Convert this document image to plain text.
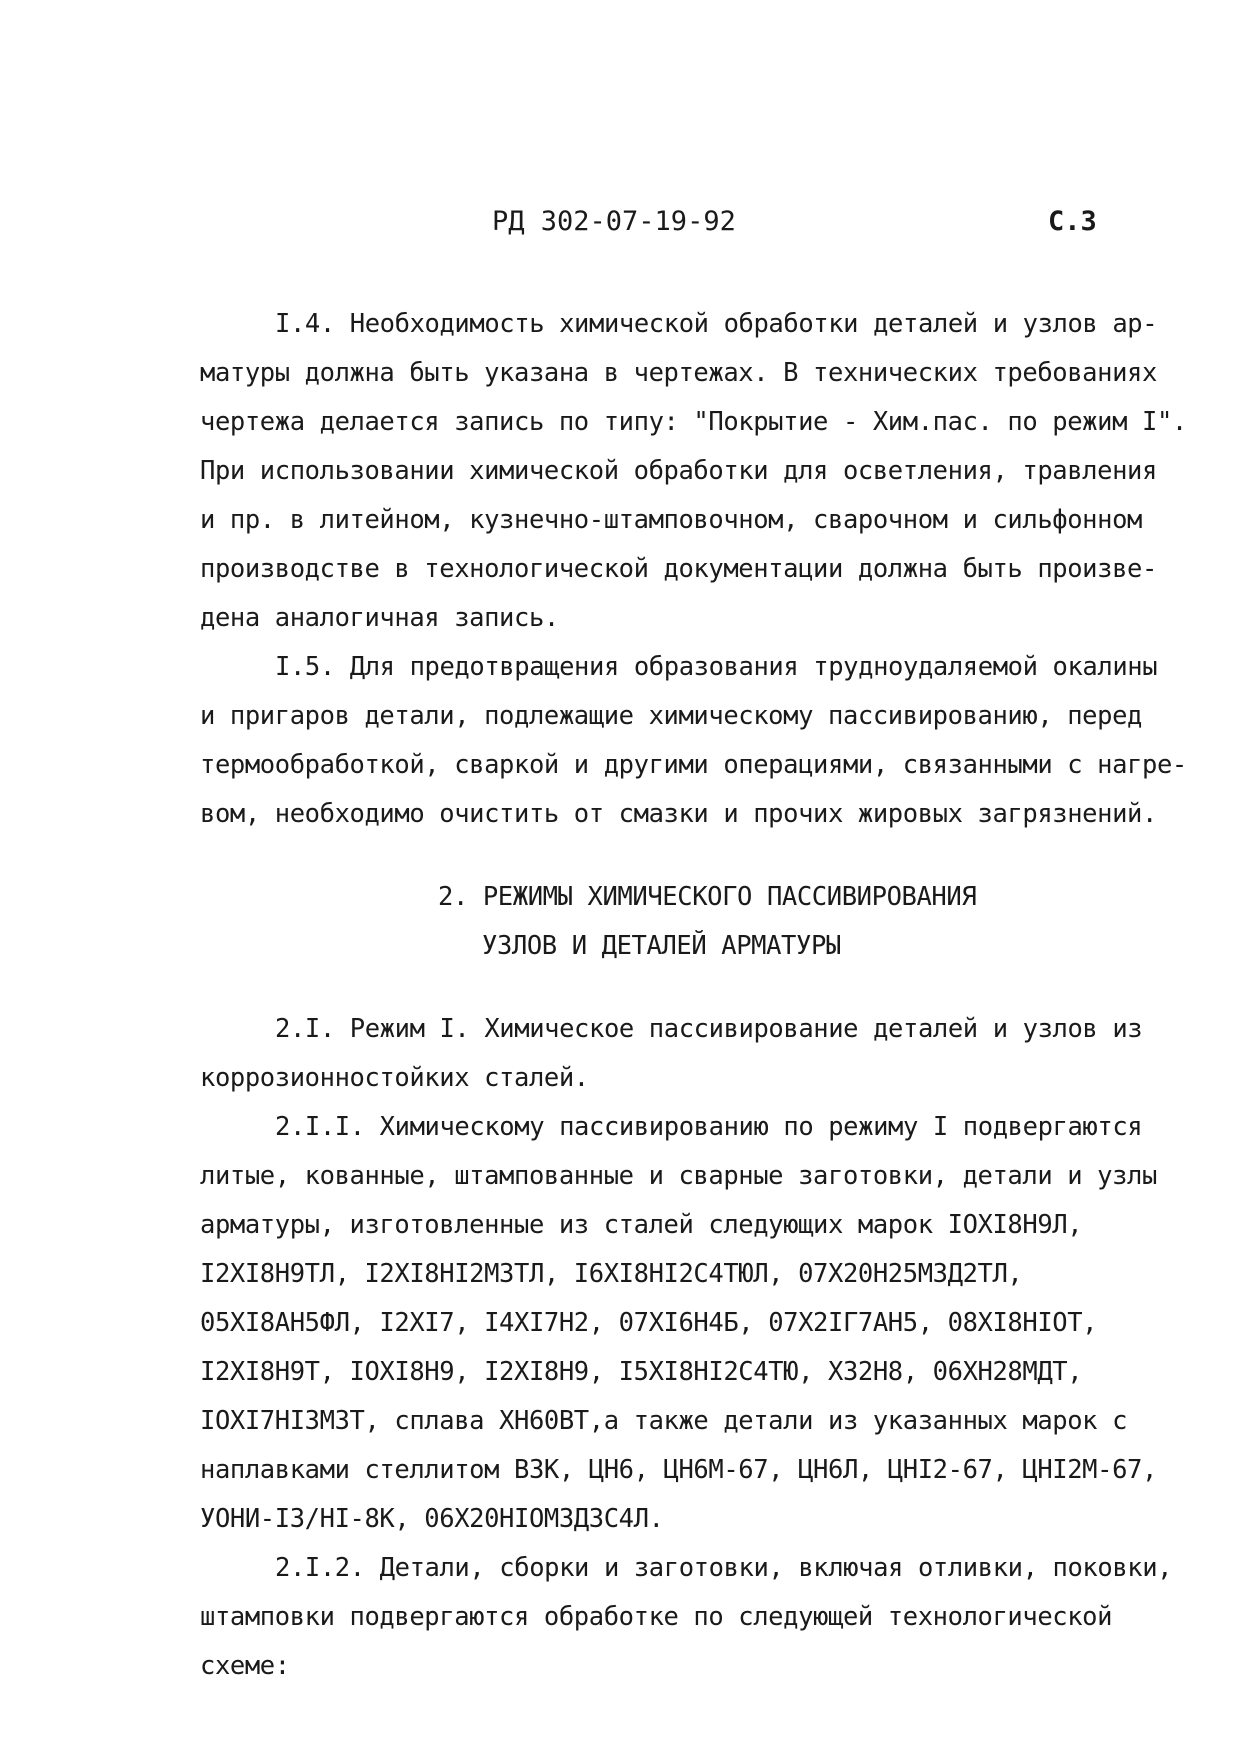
РД 302-07-19-92	С.3
I.4. Необходимость химической обработки деталей и узлов ар-
матуры должна быть указана в чертежах. В технических требованиях
чертежа делается запись по типу: "Покрытие - Хим.пас. по режим I".
При использовании химической обработки для осветления, травления
и пр. в литейном, кузнечно-штамповочном, сварочном и сильфонном
производстве в технологической документации должна быть произве-
дена аналогичная запись.
I.5. Для предотвращения образования трудноудаляемой окалины
и пригаров детали, подлежащие химическому пассивированию, перед
термообработкой, сваркой и другими операциями, связанными с нагре-
вом, необходимо очистить от смазки и прочих жировых загрязнений.
2. РЕЖИМЫ ХИМИЧЕСКОГО ПАССИВИРОВАНИЯ
УЗЛОВ И ДЕТАЛЕЙ АРМАТУРЫ
2.I. Режим I. Химическое пассивирование деталей и узлов из
коррозионностойких сталей.
2.I.I. Химическому пассивированию по режиму I подвергаются
литые, кованные, штампованные и сварные заготовки, детали и узлы
арматуры, изготовленные из сталей следующих марок IOXI8H9Л,
I2XI8H9TЛ, I2XI8HI2M3TЛ, I6XI8HI2C4TЮЛ, 07X20H25M3Д2TЛ,
05XI8AH5ФЛ, I2XI7, I4XI7H2, 07XI6H4Б, 07X2IГ7AH5, 08XI8HIOT,
I2XI8H9T, IOXI8H9, I2XI8H9, I5XI8HI2C4TЮ, X32H8, 06XH28MДT,
IOXI7HI3M3T, сплава XH60BT,а также детали из указанных марок с
наплавками стеллитом ВЗК, ЦН6, ЦН6М-67, ЦН6Л, ЦНI2-67, ЦНI2M-67,
УОНИ-I3/HI-8K, 06X20HIOM3Д3C4Л.
2.I.2. Детали, сборки и заготовки, включая отливки, поковки,
штамповки подвергаются обработке по следующей технологической
схеме:
